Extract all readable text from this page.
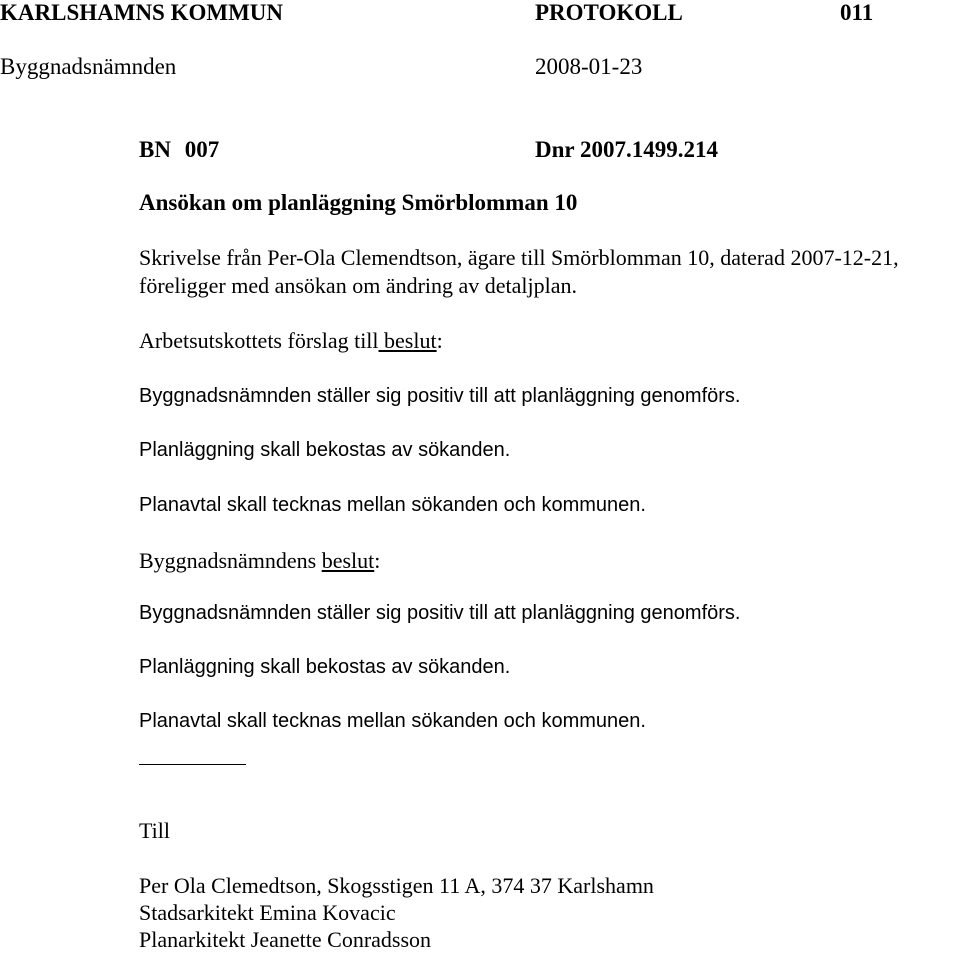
KARLSHAMNS KOMMUN	PROTOKOLL	011
Byggnadsnämnden	2008-01-23
BN 007	Dnr 2007.1499.214
Ansökan om planläggning Smörblomman 10
Skrivelse från Per-Ola Clemendtson, ägare till Smörblomman 10, daterad 2007-12-21,
föreligger med ansökan om ändring av detaljplan.
Arbetsutskottets förslag till beslut:
Byggnadsnämnden ställer sig positiv till att planläggning genomförs.
Planläggning skall bekostas av sökanden.
Planavtal skall tecknas mellan sökanden och kommunen.
Byggnadsnämndens beslut:
Byggnadsnämnden ställer sig positiv till att planläggning genomförs.
Planläggning skall bekostas av sökanden.
Planavtal skall tecknas mellan sökanden och kommunen.
Till
Per Ola Clemedtson, Skogsstigen 11 A, 374 37 Karlshamn
Stadsarkitekt Emina Kovacic
Planarkitekt Jeanette Conradsson
